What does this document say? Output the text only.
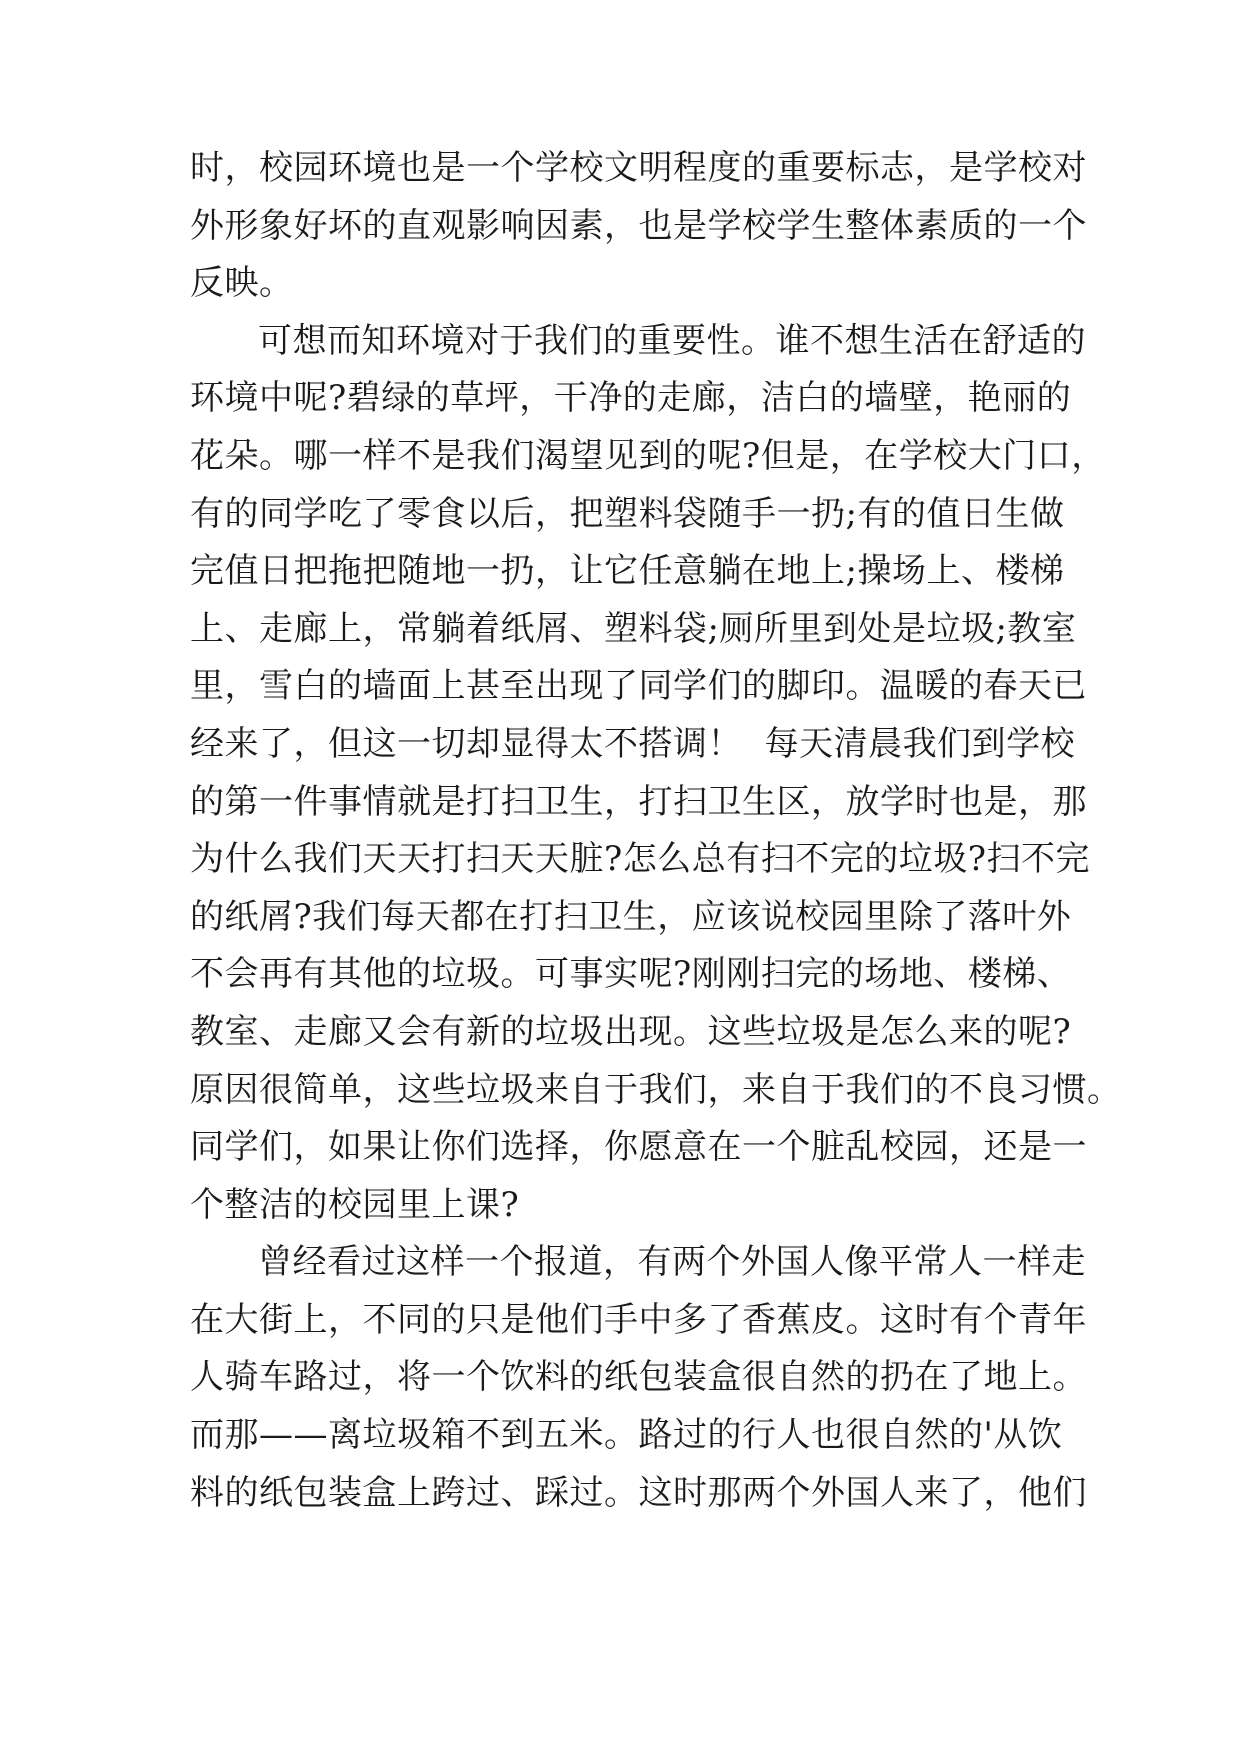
时，校园环境也是一个学校文明程度的重要标志，是学校对
外形象好坏的直观影响因素，也是学校学生整体素质的一个
反映。

可想而知环境对于我们的重要性。谁不想生活在舒适的
环境中呢?碧绿的草坪，干净的走廊，洁白的墙壁，艳丽的
花朵。哪一样不是我们渴望见到的呢?但是，在学校大门口，
有的同学吃了零食以后，把塑料袋随手一扔;有的值日生做
完值日把拖把随地一扔，让它任意躺在地上;操场上、楼梯
上、走廊上，常躺着纸屑、塑料袋;厕所里到处是垃圾;教室
里，雪白的墙面上甚至出现了同学们的脚印。温暖的春天已
经来了，但这一切却显得太不搭调！  每天清晨我们到学校
的第一件事情就是打扫卫生，打扫卫生区，放学时也是，那
为什么我们天天打扫天天脏?怎么总有扫不完的垃圾?扫不完
的纸屑?我们每天都在打扫卫生，应该说校园里除了落叶外
不会再有其他的垃圾。可事实呢?刚刚扫完的场地、楼梯、
教室、走廊又会有新的垃圾出现。这些垃圾是怎么来的呢?
原因很简单，这些垃圾来自于我们，来自于我们的不良习惯。
同学们，如果让你们选择，你愿意在一个脏乱校园，还是一
个整洁的校园里上课?

曾经看过这样一个报道，有两个外国人像平常人一样走
在大街上，不同的只是他们手中多了香蕉皮。这时有个青年
人骑车路过，将一个饮料的纸包装盒很自然的扔在了地上。
而那——离垃圾箱不到五米。路过的行人也很自然的'从饮
料的纸包装盒上跨过、踩过。这时那两个外国人来了，他们
